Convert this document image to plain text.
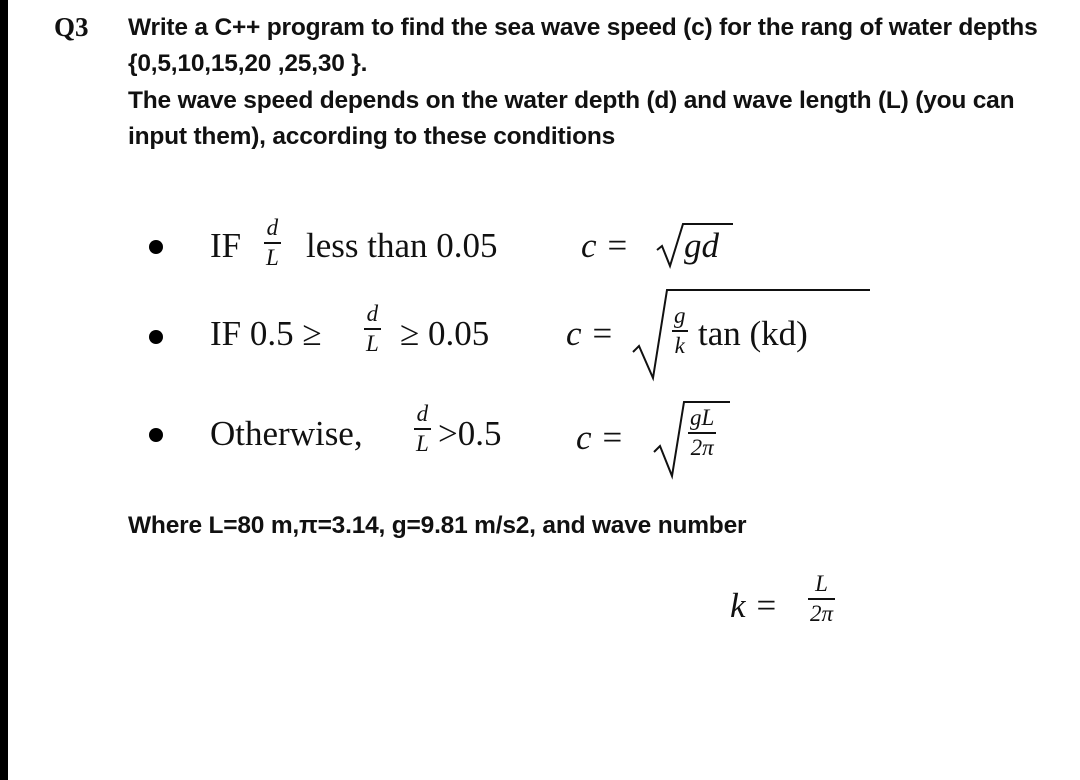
Q3 Write a C++ program to find the sea wave speed (c) for the rang of water depths {0,5,10,15,20 ,25,30 }.
The wave speed depends on the water depth (d) and wave length (L) (you can input them), according to these conditions
IF d
L less than 0.05 c = gd
IF 0.5 ≥
d
L ≥ 0.05 c =	g
k tan (kd)
Otherwise,
d
L >0.5 c =
gL
2π
Where L=80 m,π=3.14, g=9.81 m/s2, and wave number
k =
L
2π
